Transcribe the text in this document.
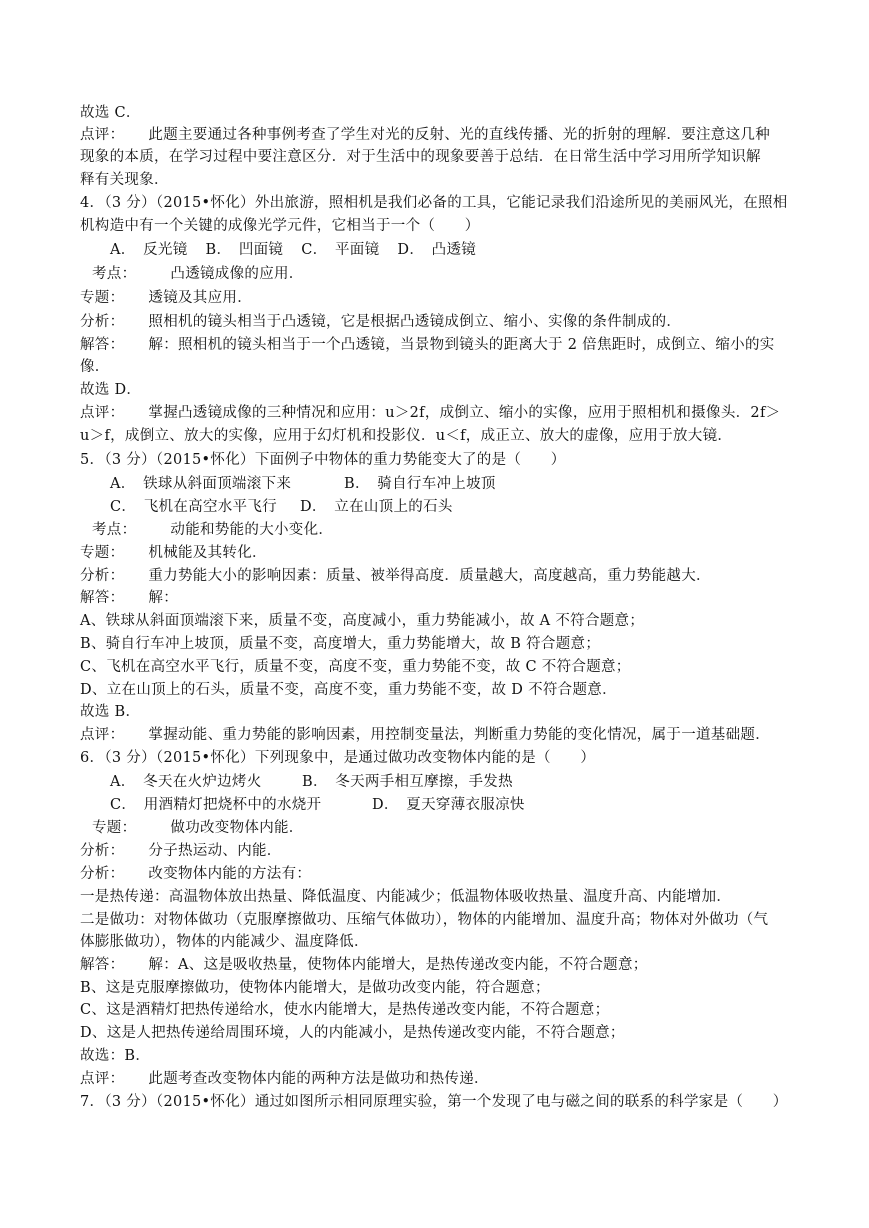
故选 C．
点评： 此题主要通过各种事例考查了学生对光的反射、光的直线传播、光的折射的理解．要注意这几种
现象的本质，在学习过程中要注意区分．对于生活中的现象要善于总结．在日常生活中学习用所学知识解
释有关现象．
4．（3 分）（2015•怀化）外出旅游，照相机是我们必备的工具，它能记录我们沿途所见的美丽风光，在照相
机构造中有一个关键的成像光学元件，它相当于一个（　　）
A．　反光镜 B．　凹面镜 C．　平面镜 D．　凸透镜
考点： 凸透镜成像的应用．
专题： 透镜及其应用．
分析： 照相机的镜头相当于凸透镜，它是根据凸透镜成倒立、缩小、实像的条件制成的．
解答： 解：照相机的镜头相当于一个凸透镜，当景物到镜头的距离大于 2 倍焦距时，成倒立、缩小的实
像．
故选 D．
点评： 掌握凸透镜成像的三种情况和应用：u＞2f，成倒立、缩小的实像，应用于照相机和摄像头．2f＞
u＞f，成倒立、放大的实像，应用于幻灯机和投影仪．u＜f，成正立、放大的虚像，应用于放大镜．
5．（3 分）（2015•怀化）下面例子中物体的重力势能变大了的是（　　）
A．　铁球从斜面顶端滚下来	B．　骑自行车冲上坡顶
C．　飞机在高空水平飞行 D．　立在山顶上的石头
考点： 动能和势能的大小变化．
专题： 机械能及其转化．
分析： 重力势能大小的影响因素：质量、被举得高度．质量越大，高度越高，重力势能越大．
解答： 解：
A、铁球从斜面顶端滚下来，质量不变，高度减小，重力势能减小，故 A 不符合题意；
B、骑自行车冲上坡顶，质量不变，高度增大，重力势能增大，故 B 符合题意；
C、飞机在高空水平飞行，质量不变，高度不变，重力势能不变，故 C 不符合题意；
D、立在山顶上的石头，质量不变，高度不变，重力势能不变，故 D 不符合题意．
故选 B．
点评： 掌握动能、重力势能的影响因素，用控制变量法，判断重力势能的变化情况，属于一道基础题．
6．（3 分）（2015•怀化）下列现象中，是通过做功改变物体内能的是（　　）
A．　冬天在火炉边烤火	B．　冬天两手相互摩擦，手发热
C．　用酒精灯把烧杯中的水烧开	D．　夏天穿薄衣服凉快
专题： 做功改变物体内能．
分析： 分子热运动、内能．
分析： 改变物体内能的方法有：
一是热传递：高温物体放出热量、降低温度、内能减少；低温物体吸收热量、温度升高、内能增加．
二是做功：对物体做功（克服摩擦做功、压缩气体做功），物体的内能增加、温度升高；物体对外做功（气
体膨胀做功），物体的内能减少、温度降低．
解答： 解：A、这是吸收热量，使物体内能增大，是热传递改变内能，不符合题意；
B、这是克服摩擦做功，使物体内能增大，是做功改变内能，符合题意；
C、这是酒精灯把热传递给水，使水内能增大，是热传递改变内能，不符合题意；
D、这是人把热传递给周围环境，人的内能减小，是热传递改变内能，不符合题意；
故选：B．
点评： 此题考查改变物体内能的两种方法是做功和热传递．
7．（3 分）（2015•怀化）通过如图所示相同原理实验，第一个发现了电与磁之间的联系的科学家是（　　）
